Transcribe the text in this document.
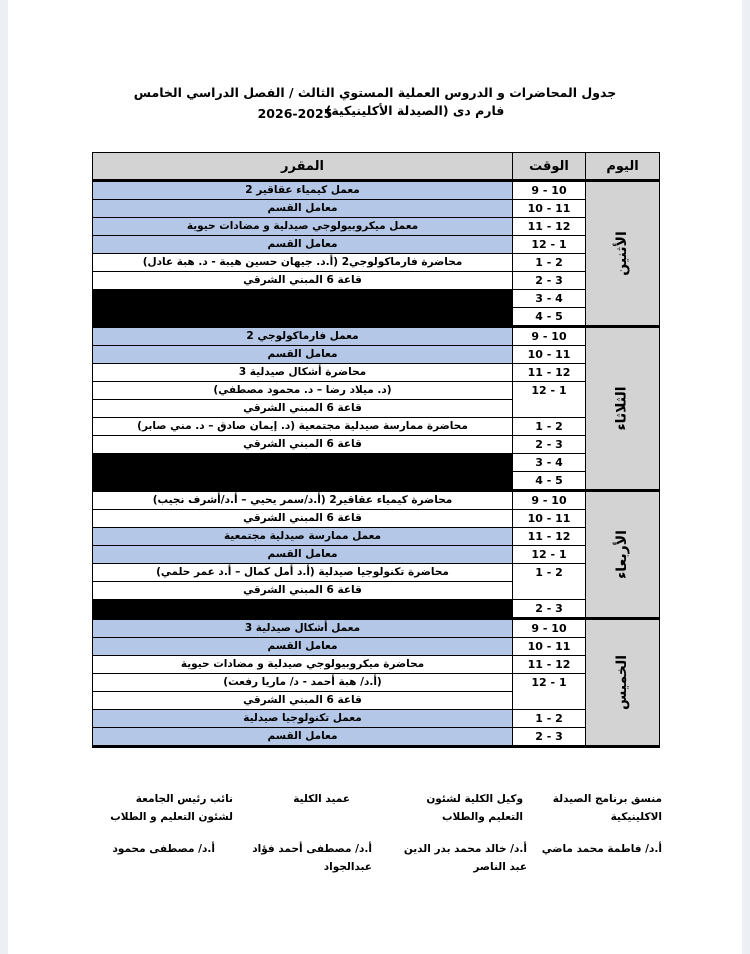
جدول المحاضرات و الدروس العملية المستوي الثالث / الفصل الدراسي الخامس
فارم دى (الصيدلة الأكلينيكية)
2026-2025
اليوم	الوقت	المقرر
الأثنين	9 - 10	معمل كيمياء عقاقير 2
	10 - 11	معامل القسم
	11 - 12	معمل ميكروبيولوجي صيدلية و مضادات حيوية
	12 - 1	معامل القسم
	1 - 2	محاضرة فارماكولوجي2 (أ.د. جيهان حسين هيبة - د. هبة عادل)
	2 - 3	قاعة 6 المبني الشرقي
	3 - 4	
	4 - 5	
الثلاثاء	9 - 10	معمل فارماكولوجي 2
	10 - 11	معامل القسم
	11 - 12	محاضرة أشكال صيدلية 3
	12 - 1	(د. ميلاد رضا – د. محمود مصطفي)
		قاعة 6 المبني الشرقي
	1 - 2	محاضرة ممارسة صيدلية مجتمعية (د. إيمان صادق – د. مني صابر)
	2 - 3	قاعة 6 المبني الشرقي
	3 - 4	
	4 - 5	
الأربعاء	9 - 10	محاضرة كيمياء عقاقير2 (أ.د/سمر يحيي – أ.د/أشرف نجيب)
	10 - 11	قاعة 6 المبني الشرقي
	11 - 12	معمل ممارسة صيدلية مجتمعية
	12 - 1	معامل القسم
	1 - 2	محاضرة تكنولوجيا صيدلية (أ.د أمل كمال – أ.د عمر حلمي)
		قاعة 6 المبني الشرقي
	2 - 3	
الخميس	9 - 10	معمل أشكال صيدلية 3
	10 - 11	معامل القسم
	11 - 12	محاضرة ميكروبيولوجي صيدلية و مضادات حيوية
	12 - 1	(أ.د/ هبة أحمد - د/ ماريا رفعت)
		قاعة 6 المبني الشرقي
	1 - 2	معمل تكنولوجيا صيدلية
	2 - 3	معامل القسم
منسق برنامج الصيدلة الاكلينيكية
أ.د/ فاطمة محمد ماضي
وكيل الكلية لشئون التعليم والطلاب
أ.د/ خالد محمد بدر الدين عبد الناصر
عميد الكلية
أ.د/ مصطفى أحمد فؤاد عبدالجواد
نائب رئيس الجامعة لشئون التعليم و الطلاب
أ.د/ مصطفى محمود
